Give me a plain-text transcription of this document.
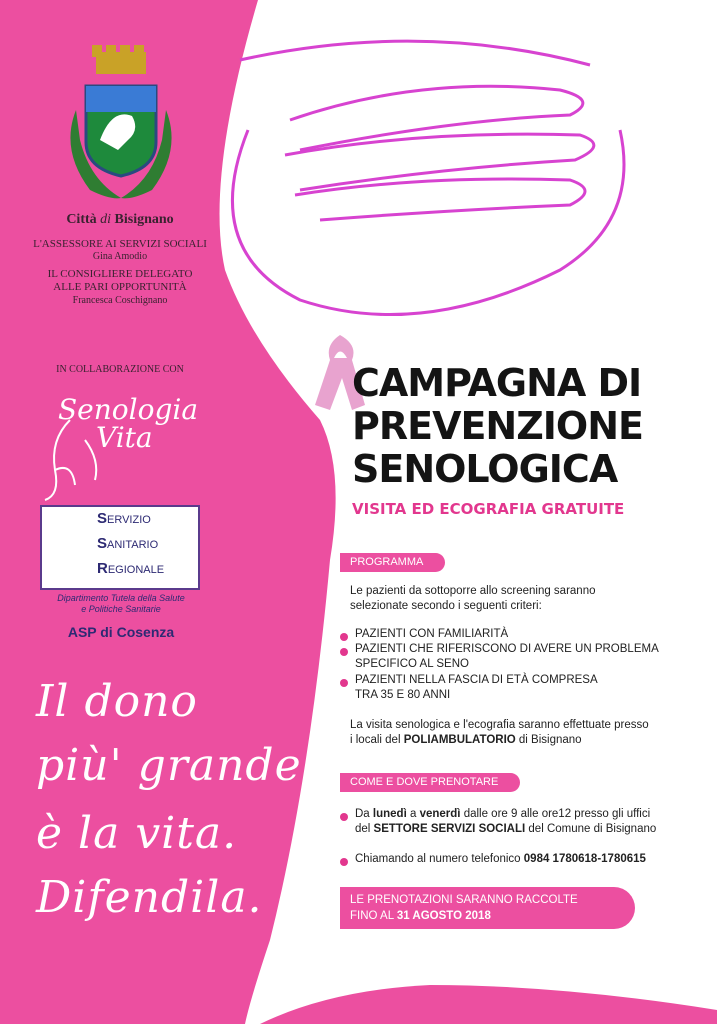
Città di Bisignano
L'ASSESSORE AI SERVIZI SOCIALI
Gina Amodio
IL CONSIGLIERE DELEGATO
ALLE PARI OPPORTUNITÀ
Francesca Coschignano
IN COLLABORAZIONE CON
Senologia
Vita
SERVIZIO
SANITARIO
REGIONALE
Dipartimento Tutela della Salute
e Politiche Sanitarie
ASP di Cosenza
Il dono
più' grande
è la vita.
Difendila.
CAMPAGNA DI
PREVENZIONE
SENOLOGICA
VISITA ED ECOGRAFIA GRATUITE
PROGRAMMA
Le pazienti da sottoporre allo screening saranno
selezionate secondo i seguenti criteri:
PAZIENTI CON FAMILIARITÀ
PAZIENTI CHE RIFERISCONO DI AVERE UN PROBLEMA
SPECIFICO AL SENO
PAZIENTI NELLA FASCIA DI ETÀ COMPRESA
TRA 35 E 80 ANNI
La visita senologica e l'ecografia saranno effettuate presso
i locali del POLIAMBULATORIO di Bisignano
COME E DOVE PRENOTARE
Da lunedì a venerdì dalle ore 9 alle ore12 presso gli uffici
del SETTORE SERVIZI SOCIALI del Comune di Bisignano
Chiamando al numero telefonico 0984 1780618-1780615
LE PRENOTAZIONI SARANNO RACCOLTE
FINO AL 31 AGOSTO 2018
